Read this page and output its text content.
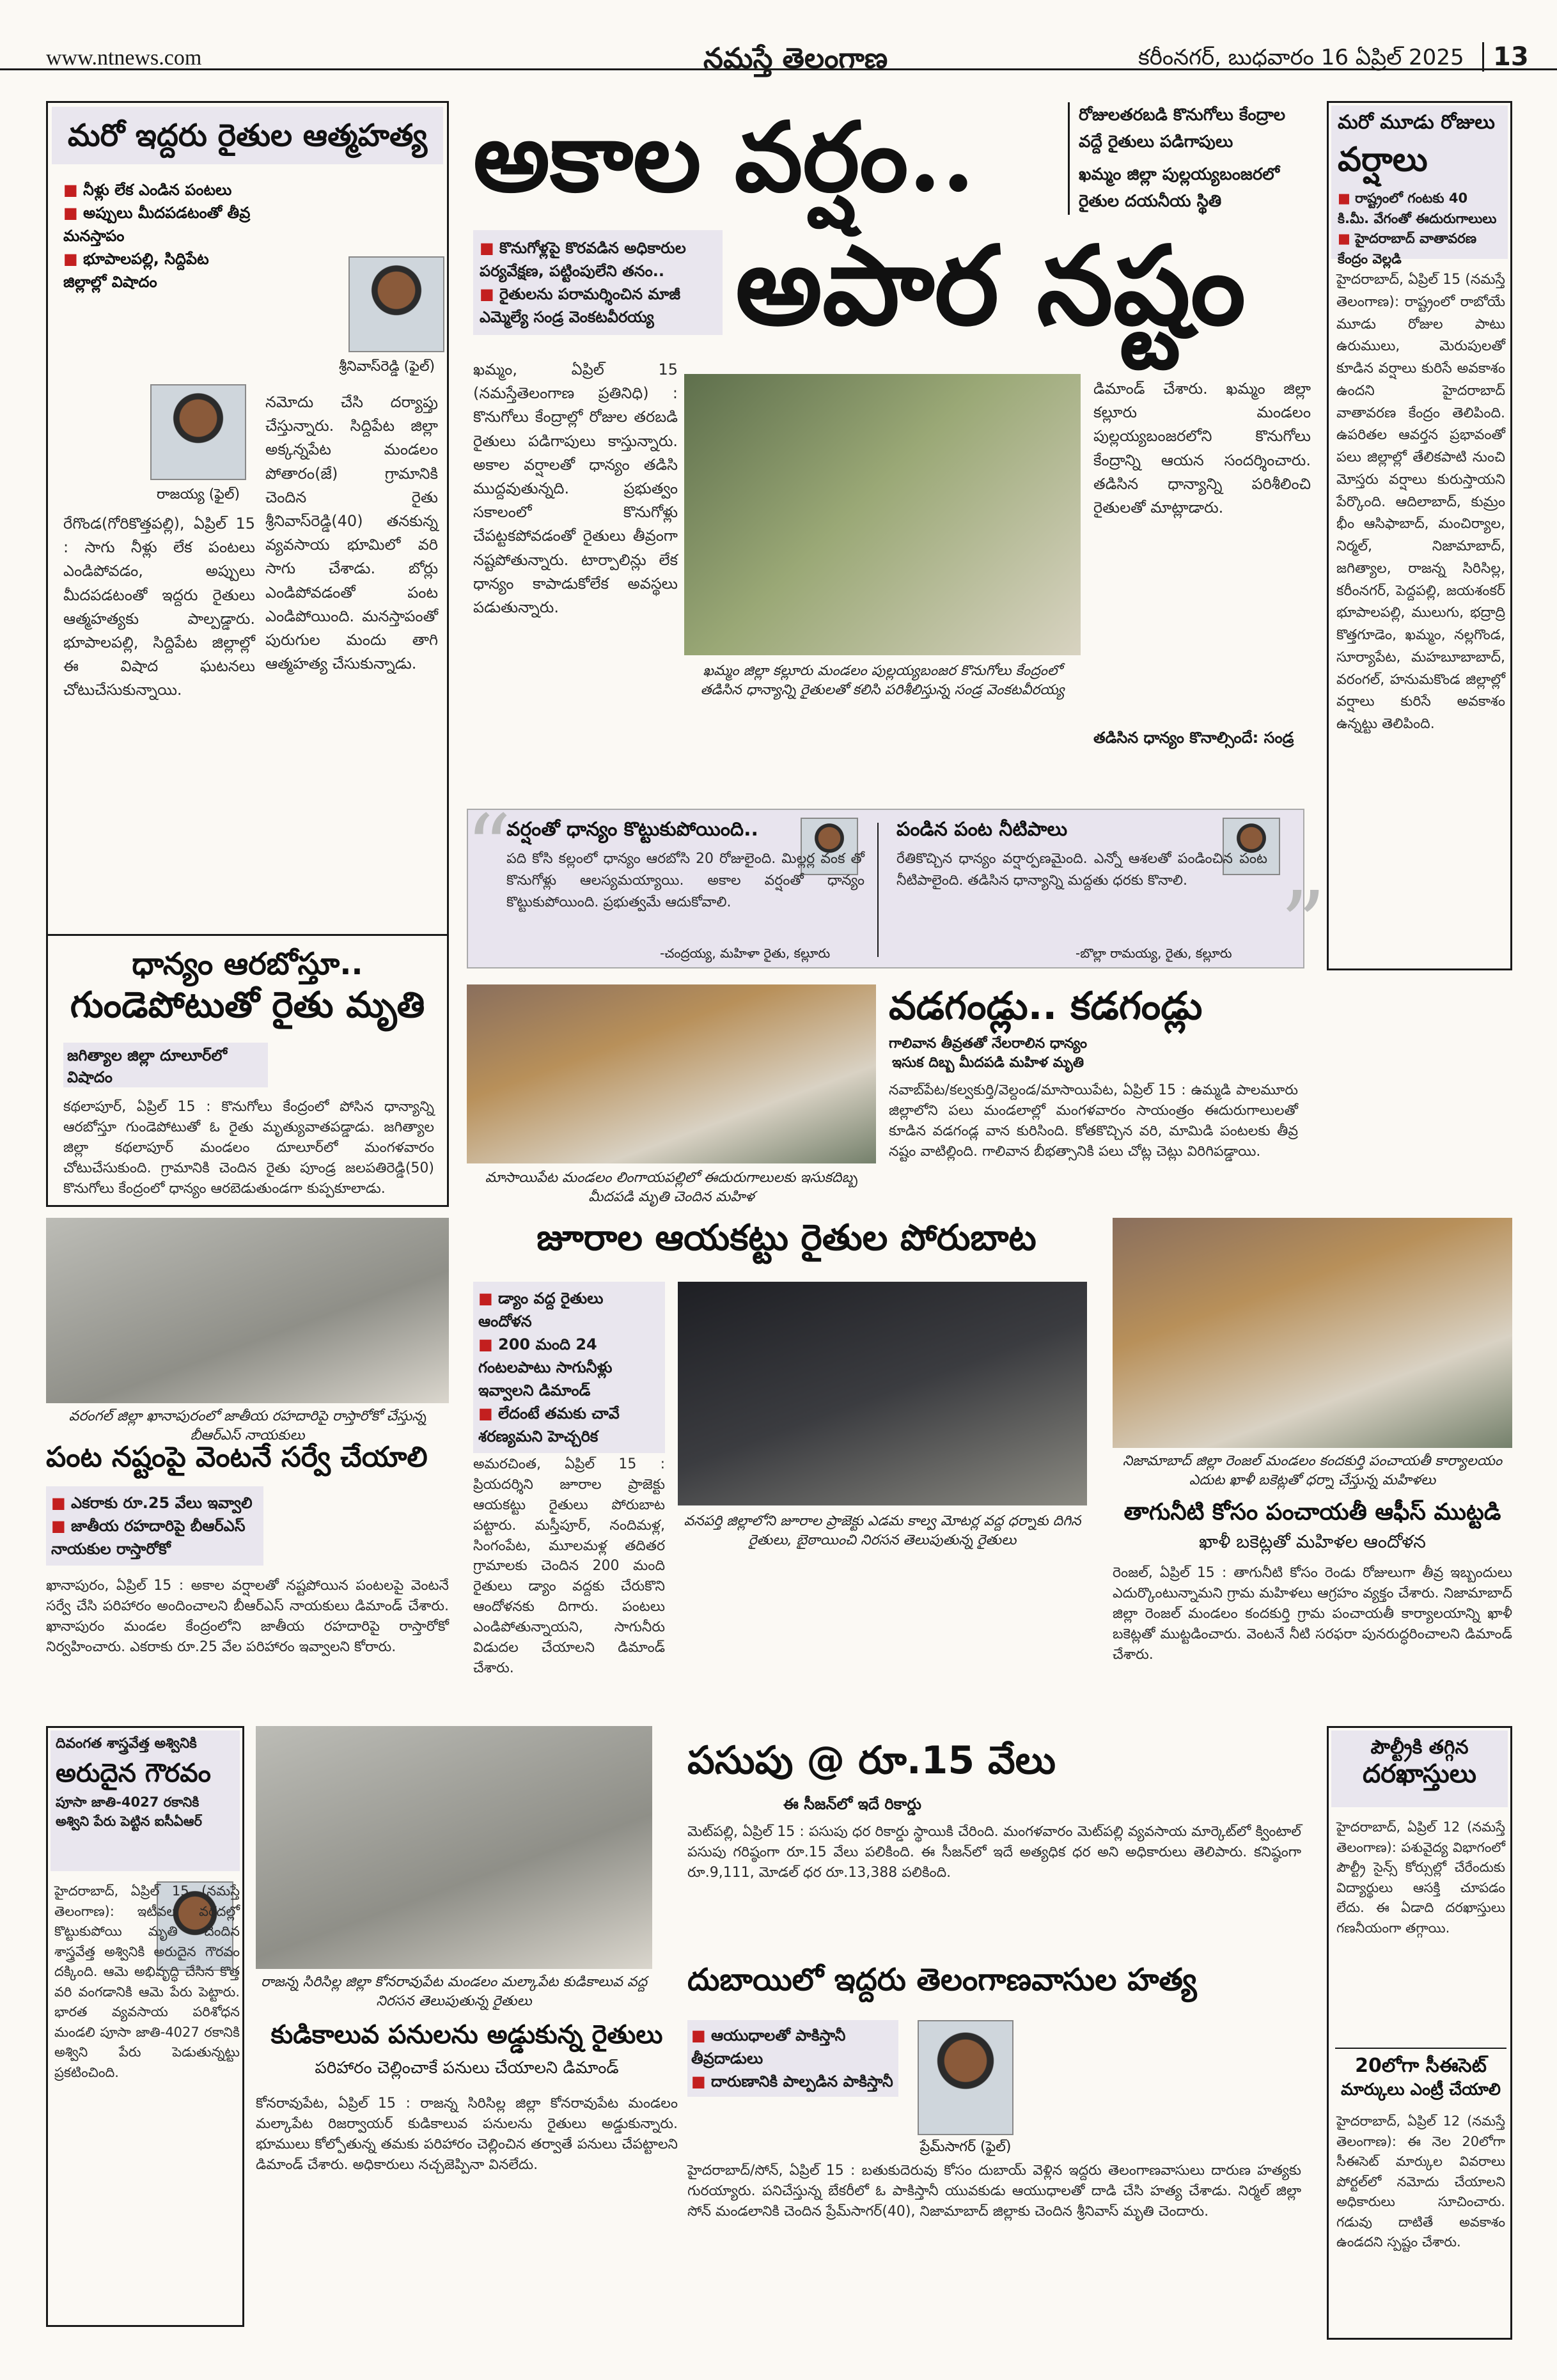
www.ntnews.com	నమస్తే తెలంగాణ	కరీంనగర్, బుధవారం 16 ఏప్రిల్ 2025	13
మరో ఇద్దరు రైతుల ఆత్మహత్య
■ నీళ్లు లేక ఎండిన పంటలు
■ అప్పులు మీదపడటంతో తీవ్ర మనస్తాపం
■ భూపాలపల్లి, సిద్దిపేట జిల్లాల్లో విషాదం
రాజయ్య (ఫైల్)
రేగొండ(గోరికొత్తపల్లి), ఏప్రిల్ 15 : సాగు నీళ్లు లేక పంటలు ఎండిపోవడం, అప్పులు మీదపడటంతో ఇద్దరు రైతులు ఆత్మహత్యకు పాల్పడ్డారు. భూపాలపల్లి, సిద్దిపేట జిల్లాల్లో ఈ విషాద ఘటనలు చోటుచేసుకున్నాయి.
శ్రీనివాస్‌రెడ్డి (ఫైల్)
నమోదు చేసి దర్యాప్తు చేస్తున్నారు. సిద్దిపేట జిల్లా అక్కన్నపేట మండలం పోతారం(జే) గ్రామానికి చెందిన రైతు శ్రీనివాస్‌రెడ్డి(40) తనకున్న వ్యవసాయ భూమిలో వరి సాగు చేశాడు. బోర్లు ఎండిపోవడంతో పంట ఎండిపోయింది. మనస్తాపంతో పురుగుల మందు తాగి ఆత్మహత్య చేసుకున్నాడు.
ధాన్యం ఆరబోస్తూ..
గుండెపోటుతో రైతు మృతి
జగిత్యాల జిల్లా దూలూర్‌లో విషాదం
కథలాపూర్, ఏప్రిల్ 15 : కొనుగోలు కేంద్రంలో పోసిన ధాన్యాన్ని ఆరబోస్తూ గుండెపోటుతో ఓ రైతు మృత్యువాతపడ్డాడు. జగిత్యాల జిల్లా కథలాపూర్ మండలం దూలూర్‌లో మంగళవారం చోటుచేసుకుంది. గ్రామానికి చెందిన రైతు పూండ్ర జలపతిరెడ్డి(50) కొనుగోలు కేంద్రంలో ధాన్యం ఆరబెడుతుండగా కుప్పకూలాడు.
అకాల వర్షం..
అపార నష్టం
రోజులతరబడి కొనుగోలు కేంద్రాల వద్దే రైతులు పడిగాపులు
ఖమ్మం జిల్లా పుల్లయ్యబంజరలో రైతుల దయనీయ స్థితి
■ కొనుగోళ్లపై కొరవడిన అధికారుల పర్యవేక్షణ, పట్టింపులేని తనం..
■ రైతులను పరామర్శించిన మాజీ ఎమ్మెల్యే సండ్ర వెంకటవీరయ్య
ఖమ్మం, ఏప్రిల్ 15 (నమస్తేతెలంగాణ ప్రతినిధి) : కొనుగోలు కేంద్రాల్లో రోజుల తరబడి రైతులు పడిగాపులు కాస్తున్నారు. అకాల వర్షాలతో ధాన్యం తడిసి ముద్దవుతున్నది. ప్రభుత్వం సకాలంలో కొనుగోళ్లు చేపట్టకపోవడంతో రైతులు తీవ్రంగా నష్టపోతున్నారు. టార్పాలిన్లు లేక ధాన్యం కాపాడుకోలేక అవస్థలు పడుతున్నారు.
ఖమ్మం జిల్లా కల్లూరు మండలం పుల్లయ్యబంజర కొనుగోలు కేంద్రంలో తడిసిన ధాన్యాన్ని రైతులతో కలిసి పరిశీలిస్తున్న సండ్ర వెంకటవీరయ్య
డిమాండ్ చేశారు. ఖమ్మం జిల్లా కల్లూరు మండలం పుల్లయ్యబంజరలోని కొనుగోలు కేంద్రాన్ని ఆయన సందర్శించారు. తడిసిన ధాన్యాన్ని పరిశీలించి రైతులతో మాట్లాడారు.
తడిసిన ధాన్యం కొనాల్సిందే: సండ్ర
“
వర్షంతో ధాన్యం కొట్టుకుపోయింది..
పది కోసి కల్లంలో ధాన్యం ఆరబోసి 20 రోజులైంది. మిల్లర్ల వంక తో కొనుగోళ్లు ఆలస్యమయ్యాయి. అకాల వర్షంతో ధాన్యం కొట్టుకుపోయింది. ప్రభుత్వమే ఆదుకోవాలి.
-చంద్రయ్య, మహిళా రైతు, కల్లూరు
పండిన పంట నీటిపాలు
రేతికొచ్చిన ధాన్యం వర్షార్పణమైంది. ఎన్నో ఆశలతో పండించిన పంట నీటిపాలైంది. తడిసిన ధాన్యాన్ని మద్దతు ధరకు కొనాలి.
-బొల్లా రామయ్య, రైతు, కల్లూరు ”
మరో మూడు రోజులు
వర్షాలు
■ రాష్ట్రంలో గంటకు 40 కి.మీ. వేగంతో ఈదురుగాలులు
■ హైదరాబాద్ వాతావరణ కేంద్రం వెల్లడి
హైదరాబాద్, ఏప్రిల్ 15 (నమస్తే తెలంగాణ): రాష్ట్రంలో రాబోయే మూడు రోజుల పాటు ఉరుములు, మెరుపులతో కూడిన వర్షాలు కురిసే అవకాశం ఉందని హైదరాబాద్ వాతావరణ కేంద్రం తెలిపింది. ఉపరితల ఆవర్తన ప్రభావంతో పలు జిల్లాల్లో తేలికపాటి నుంచి మోస్తరు వర్షాలు కురుస్తాయని పేర్కొంది. ఆదిలాబాద్, కుమ్రం భీం ఆసిఫాబాద్, మంచిర్యాల, నిర్మల్, నిజామాబాద్, జగిత్యాల, రాజన్న సిరిసిల్ల, కరీంనగర్, పెద్దపల్లి, జయశంకర్ భూపాలపల్లి, ములుగు, భద్రాద్రి కొత్తగూడెం, ఖమ్మం, నల్లగొండ, సూర్యాపేట, మహబూబాబాద్, వరంగల్, హనుమకొండ జిల్లాల్లో వర్షాలు కురిసే అవకాశం ఉన్నట్టు తెలిపింది.
మాసాయిపేట మండలం లింగాయపల్లిలో ఈదురుగాలులకు ఇసుకదిబ్బ మీదపడి మృతి చెందిన మహిళ
వడగండ్లు.. కడగండ్లు
గాలివాన తీవ్రతతో నేలరాలిన ధాన్యం ఇసుక దిబ్బ మీదపడి మహిళ మృతి
నవాబ్‌పేట/కల్వకుర్తి/వెల్దండ/మాసాయిపేట, ఏప్రిల్ 15 : ఉమ్మడి పాలమూరు జిల్లాలోని పలు మండలాల్లో మంగళవారం సాయంత్రం ఈదురుగాలులతో కూడిన వడగండ్ల వాన కురిసింది. కోతకొచ్చిన వరి, మామిడి పంటలకు తీవ్ర నష్టం వాటిల్లింది. గాలివాన బీభత్సానికి పలు చోట్ల చెట్లు విరిగిపడ్డాయి.
వరంగల్ జిల్లా ఖానాపురంలో జాతీయ రహదారిపై రాస్తారోకో చేస్తున్న బీఆర్ఎస్ నాయకులు
పంట నష్టంపై వెంటనే సర్వే చేయాలి
■ ఎకరాకు రూ.25 వేలు ఇవ్వాలి
■ జాతీయ రహదారిపై బీఆర్ఎస్ నాయకుల రాస్తారోకో
ఖానాపురం, ఏప్రిల్ 15 : అకాల వర్షాలతో నష్టపోయిన పంటలపై వెంటనే సర్వే చేసి పరిహారం అందించాలని బీఆర్ఎస్ నాయకులు డిమాండ్ చేశారు. ఖానాపురం మండల కేంద్రంలోని జాతీయ రహదారిపై రాస్తారోకో నిర్వహించారు. ఎకరాకు రూ.25 వేల పరిహారం ఇవ్వాలని కోరారు.
జూరాల ఆయకట్టు రైతుల పోరుబాట
■ డ్యాం వద్ద రైతులు ఆందోళన
■ 200 మంది 24 గంటలపాటు సాగునీళ్లు ఇవ్వాలని డిమాండ్
■ లేదంటే తమకు చావే శరణ్యమని హెచ్చరిక
వనపర్తి జిల్లాలోని జూరాల ప్రాజెక్టు ఎడమ కాల్వ మోటర్ల వద్ద ధర్నాకు దిగిన రైతులు, బైఠాయించి నిరసన తెలుపుతున్న రైతులు
అమరచింత, ఏప్రిల్ 15 : ప్రియదర్శిని జూరాల ప్రాజెక్టు ఆయకట్టు రైతులు పోరుబాట పట్టారు. మస్తీపూర్, నందిమళ్ల, సింగంపేట, మూలమళ్ల తదితర గ్రామాలకు చెందిన 200 మంది రైతులు డ్యాం వద్దకు చేరుకొని ఆందోళనకు దిగారు. పంటలు ఎండిపోతున్నాయని, సాగునీరు విడుదల చేయాలని డిమాండ్ చేశారు.
నిజామాబాద్ జిల్లా రెంజల్ మండలం కందకుర్తి పంచాయతీ కార్యాలయం ఎదుట ఖాళీ బకెట్లతో ధర్నా చేస్తున్న మహిళలు
తాగునీటి కోసం పంచాయతీ ఆఫీస్ ముట్టడి
ఖాళీ బకెట్లతో మహిళల ఆందోళన
రెంజల్, ఏప్రిల్ 15 : తాగునీటి కోసం రెండు రోజులుగా తీవ్ర ఇబ్బందులు ఎదుర్కొంటున్నామని గ్రామ మహిళలు ఆగ్రహం వ్యక్తం చేశారు. నిజామాబాద్ జిల్లా రెంజల్ మండలం కందకుర్తి గ్రామ పంచాయతీ కార్యాలయాన్ని ఖాళీ బకెట్లతో ముట్టడించారు. వెంటనే నీటి సరఫరా పునరుద్ధరించాలని డిమాండ్ చేశారు.
దివంగత శాస్త్రవేత్త అశ్వినికి
అరుదైన గౌరవం
పూసా జాతి-4027 రకానికి అశ్విని పేరు పెట్టిన ఐసీఏఆర్
హైదరాబాద్, ఏప్రిల్ 15 (నమస్తే తెలంగాణ): ఇటీవల వరదల్లో కొట్టుకుపోయి మృతి చెందిన శాస్త్రవేత్త అశ్వినికి అరుదైన గౌరవం దక్కింది. ఆమె అభివృద్ధి చేసిన కొత్త వరి వంగడానికి ఆమె పేరు పెట్టారు. భారత వ్యవసాయ పరిశోధన మండలి పూసా జాతి-4027 రకానికి అశ్విని పేరు పెడుతున్నట్టు ప్రకటించింది.
రాజన్న సిరిసిల్ల జిల్లా కోనరావుపేట మండలం మల్కాపేట కుడికాలువ వద్ద నిరసన తెలుపుతున్న రైతులు
కుడికాలువ పనులను అడ్డుకున్న రైతులు
పరిహారం చెల్లించాకే పనులు చేయాలని డిమాండ్
కోనరావుపేట, ఏప్రిల్ 15 : రాజన్న సిరిసిల్ల జిల్లా కోనరావుపేట మండలం మల్కాపేట రిజర్వాయర్ కుడికాలువ పనులను రైతులు అడ్డుకున్నారు. భూములు కోల్పోతున్న తమకు పరిహారం చెల్లించిన తర్వాతే పనులు చేపట్టాలని డిమాండ్ చేశారు. అధికారులు నచ్చజెప్పినా వినలేదు.
పసుపు @ రూ.15 వేలు
ఈ సీజన్‌లో ఇదే రికార్డు
మెట్‌పల్లి, ఏప్రిల్ 15 : పసుపు ధర రికార్డు స్థాయికి చేరింది. మంగళవారం మెట్‌పల్లి వ్యవసాయ మార్కెట్‌లో క్వింటాల్ పసుపు గరిష్ఠంగా రూ.15 వేలు పలికింది. ఈ సీజన్‌లో ఇదే అత్యధిక ధర అని అధికారులు తెలిపారు. కనిష్ఠంగా రూ.9,111, మోడల్ ధర రూ.13,388 పలికింది.
దుబాయిలో ఇద్దరు తెలంగాణవాసుల హత్య
■ ఆయుధాలతో పాకిస్తానీ తీవ్రదాడులు
■ దారుణానికి పాల్పడిన పాకిస్తానీ
ప్రేమ్‌సాగర్ (ఫైల్)
హైదరాబాద్/సోన్, ఏప్రిల్ 15 : బతుకుదెరువు కోసం దుబాయ్ వెళ్లిన ఇద్దరు తెలంగాణవాసులు దారుణ హత్యకు గురయ్యారు. పనిచేస్తున్న బేకరీలో ఓ పాకిస్తానీ యువకుడు ఆయుధాలతో దాడి చేసి హత్య చేశాడు. నిర్మల్ జిల్లా సోన్ మండలానికి చెందిన ప్రేమ్‌సాగర్(40), నిజామాబాద్ జిల్లాకు చెందిన శ్రీనివాస్ మృతి చెందారు.
పౌల్ట్రీకి తగ్గిన
దరఖాస్తులు
హైదరాబాద్, ఏప్రిల్ 12 (నమస్తే తెలంగాణ): పశువైద్య విభాగంలో పౌల్ట్రీ సైన్స్ కోర్సుల్లో చేరేందుకు విద్యార్థులు ఆసక్తి చూపడం లేదు. ఈ ఏడాది దరఖాస్తులు గణనీయంగా తగ్గాయి.
20లోగా సీఈసెట్
మార్కులు ఎంట్రీ చేయాలి
హైదరాబాద్, ఏప్రిల్ 12 (నమస్తే తెలంగాణ): ఈ నెల 20లోగా సీఈసెట్ మార్కుల వివరాలు పోర్టల్‌లో నమోదు చేయాలని అధికారులు సూచించారు. గడువు దాటితే అవకాశం ఉండదని స్పష్టం చేశారు.
